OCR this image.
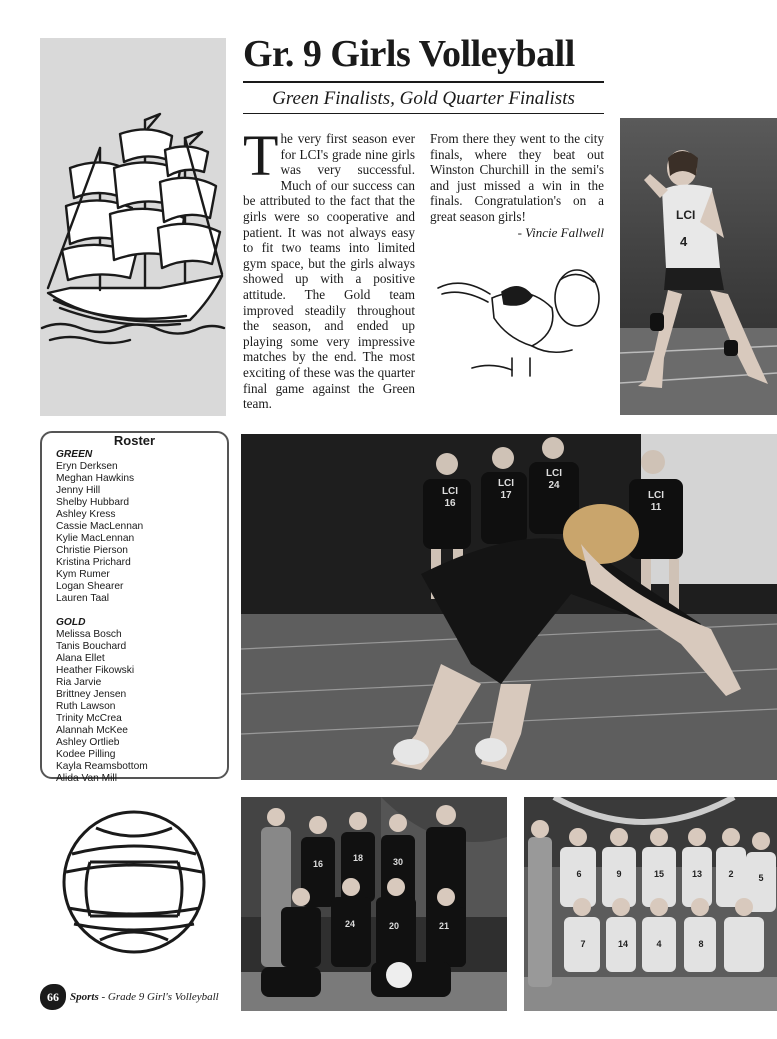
Gr. 9 Girls Volleyball
Green Finalists, Gold Quarter Finalists
The very first season ever for LCI's grade nine girls was very successful. Much of our success can be attributed to the fact that the girls were so cooperative and patient. It was not always easy to fit two teams into limited gym space, but the girls always showed up with a positive attitude. The Gold team improved steadily throughout the season, and ended up playing some very impressive matches by the end. The most exciting of these was the quarter final game against the Green team.
From there they went to the city finals, where they beat out Winston Churchill in the semi's and just missed a win in the finals. Congratulation's on a great season girls!
- Vincie Fallwell
LCI
4
Roster
GREEN
Eryn Derksen
Meghan Hawkins
Jenny Hill
Shelby Hubbard
Ashley Kress
Cassie MacLennan
Kylie MacLennan
Christie Pierson
Kristina Prichard
Kym Rumer
Logan Shearer
Lauren Taal
GOLD
Melissa Bosch
Tanis Bouchard
Alana Ellet
Heather Fikowski
Ria Jarvie
Brittney Jensen
Ruth Lawson
Trinity McCrea
Alannah McKee
Ashley Ortlieb
Kodee Pilling
Kayla Reamsbottom
Alida Van Mill
LCI
16
LCI
17
LCI
24
LCI
11
16
18	30
24	21
20
6	9	15	13	2	5
7	14	4	8
66 Sports - Grade 9 Girl's Volleyball
